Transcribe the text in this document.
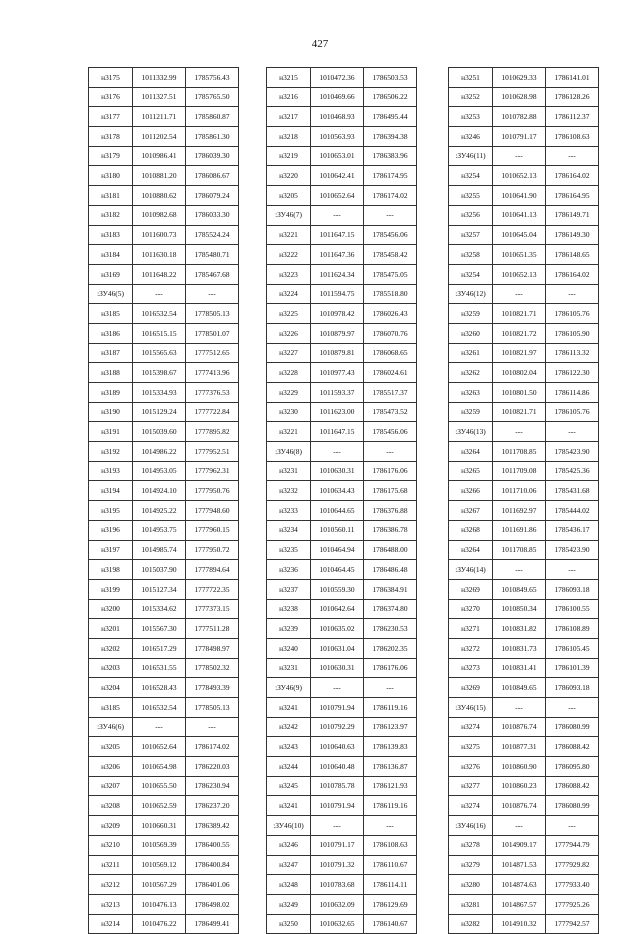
427
н3175	1011332.99	1785756.43
н3176	1011327.51	1785765.50
н3177	1011211.71	1785860.87
н3178	1011202.54	1785861.30
н3179	1010986.41	1786039.30
н3180	1010881.20	1786086.67
н3181	1010880.62	1786079.24
н3182	1010982.68	1786033.30
н3183	1011600.73	1785524.24
н3184	1011630.18	1785480.71
н3169	1011648.22	1785467.68
:ЗУ46(5)	---	---
н3185	1016532.54	1778505.13
н3186	1016515.15	1778501.07
н3187	1015565.63	1777512.65
н3188	1015398.67	1777413.96
н3189	1015334.93	1777376.53
н3190	1015129.24	1777722.84
н3191	1015039.60	1777895.82
н3192	1014986.22	1777952.51
н3193	1014953.05	1777962.31
н3194	1014924.10	1777950.76
н3195	1014925.22	1777948.60
н3196	1014953.75	1777960.15
н3197	1014985.74	1777950.72
н3198	1015037.90	1777894.64
н3199	1015127.34	1777722.35
н3200	1015334.62	1777373.15
н3201	1015567.30	1777511.28
н3202	1016517.29	1778498.97
н3203	1016531.55	1778502.32
н3204	1016528.43	1778493.39
н3185	1016532.54	1778505.13
:ЗУ46(6)	---	---
н3205	1010652.64	1786174.02
н3206	1010654.98	1786220.03
н3207	1010655.50	1786230.94
н3208	1010652.59	1786237.20
н3209	1010660.31	1786389.42
н3210	1010569.39	1786400.55
н3211	1010569.12	1786400.84
н3212	1010567.29	1786401.06
н3213	1010476.13	1786498.02
н3214	1010476.22	1786499.41
н3215	1010472.36	1786503.53
н3216	1010469.66	1786506.22
н3217	1010468.93	1786495.44
н3218	1010563.93	1786394.38
н3219	1010653.01	1786383.96
н3220	1010642.41	1786174.95
н3205	1010652.64	1786174.02
:ЗУ46(7)	---	---
н3221	1011647.15	1785456.06
н3222	1011647.36	1785458.42
н3223	1011624.34	1785475.05
н3224	1011594.75	1785518.80
н3225	1010978.42	1786026.43
н3226	1010879.97	1786070.76
н3227	1010879.81	1786068.65
н3228	1010977.43	1786024.61
н3229	1011593.37	1785517.37
н3230	1011623.00	1785473.52
н3221	1011647.15	1785456.06
:ЗУ46(8)	---	---
н3231	1010630.31	1786176.06
н3232	1010634.43	1786175.68
н3233	1010644.65	1786376.88
н3234	1010560.11	1786386.78
н3235	1010464.94	1786488.00
н3236	1010464.45	1786486.48
н3237	1010559.30	1786384.91
н3238	1010642.64	1786374.80
н3239	1010635.02	1786230.53
н3240	1010631.04	1786202.35
н3231	1010630.31	1786176.06
:ЗУ46(9)	---	---
н3241	1010791.94	1786119.16
н3242	1010792.29	1786123.97
н3243	1010640.63	1786139.83
н3244	1010640.48	1786136.87
н3245	1010785.78	1786121.93
н3241	1010791.94	1786119.16
:ЗУ46(10)	---	---
н3246	1010791.17	1786108.63
н3247	1010791.32	1786110.67
н3248	1010783.68	1786114.11
н3249	1010632.09	1786129.69
н3250	1010632.65	1786140.67
н3251	1010629.33	1786141.01
н3252	1010628.98	1786128.26
н3253	1010782.88	1786112.37
н3246	1010791.17	1786108.63
:ЗУ46(11)	---	---
н3254	1010652.13	1786164.02
н3255	1010641.90	1786164.95
н3256	1010641.13	1786149.71
н3257	1010645.04	1786149.30
н3258	1010651.35	1786148.65
н3254	1010652.13	1786164.02
:ЗУ46(12)	---	---
н3259	1010821.71	1786105.76
н3260	1010821.72	1786105.90
н3261	1010821.97	1786113.32
н3262	1010802.04	1786122.30
н3263	1010801.50	1786114.86
н3259	1010821.71	1786105.76
:ЗУ46(13)	---	---
н3264	1011708.85	1785423.90
н3265	1011709.08	1785425.36
н3266	1011710.06	1785431.68
н3267	1011692.97	1785444.02
н3268	1011691.86	1785436.17
н3264	1011708.85	1785423.90
:ЗУ46(14)	---	---
н3269	1010849.65	1786093.18
н3270	1010850.34	1786100.55
н3271	1010831.82	1786108.89
н3272	1010831.73	1786105.45
н3273	1010831.41	1786101.39
н3269	1010849.65	1786093.18
:ЗУ46(15)	---	---
н3274	1010876.74	1786080.99
н3275	1010877.31	1786088.42
н3276	1010860.90	1786095.80
н3277	1010860.23	1786088.42
н3274	1010876.74	1786080.99
:ЗУ46(16)	---	---
н3278	1014909.17	1777944.79
н3279	1014871.53	1777929.82
н3280	1014874.63	1777933.40
н3281	1014867.57	1777925.26
н3282	1014910.32	1777942.57
